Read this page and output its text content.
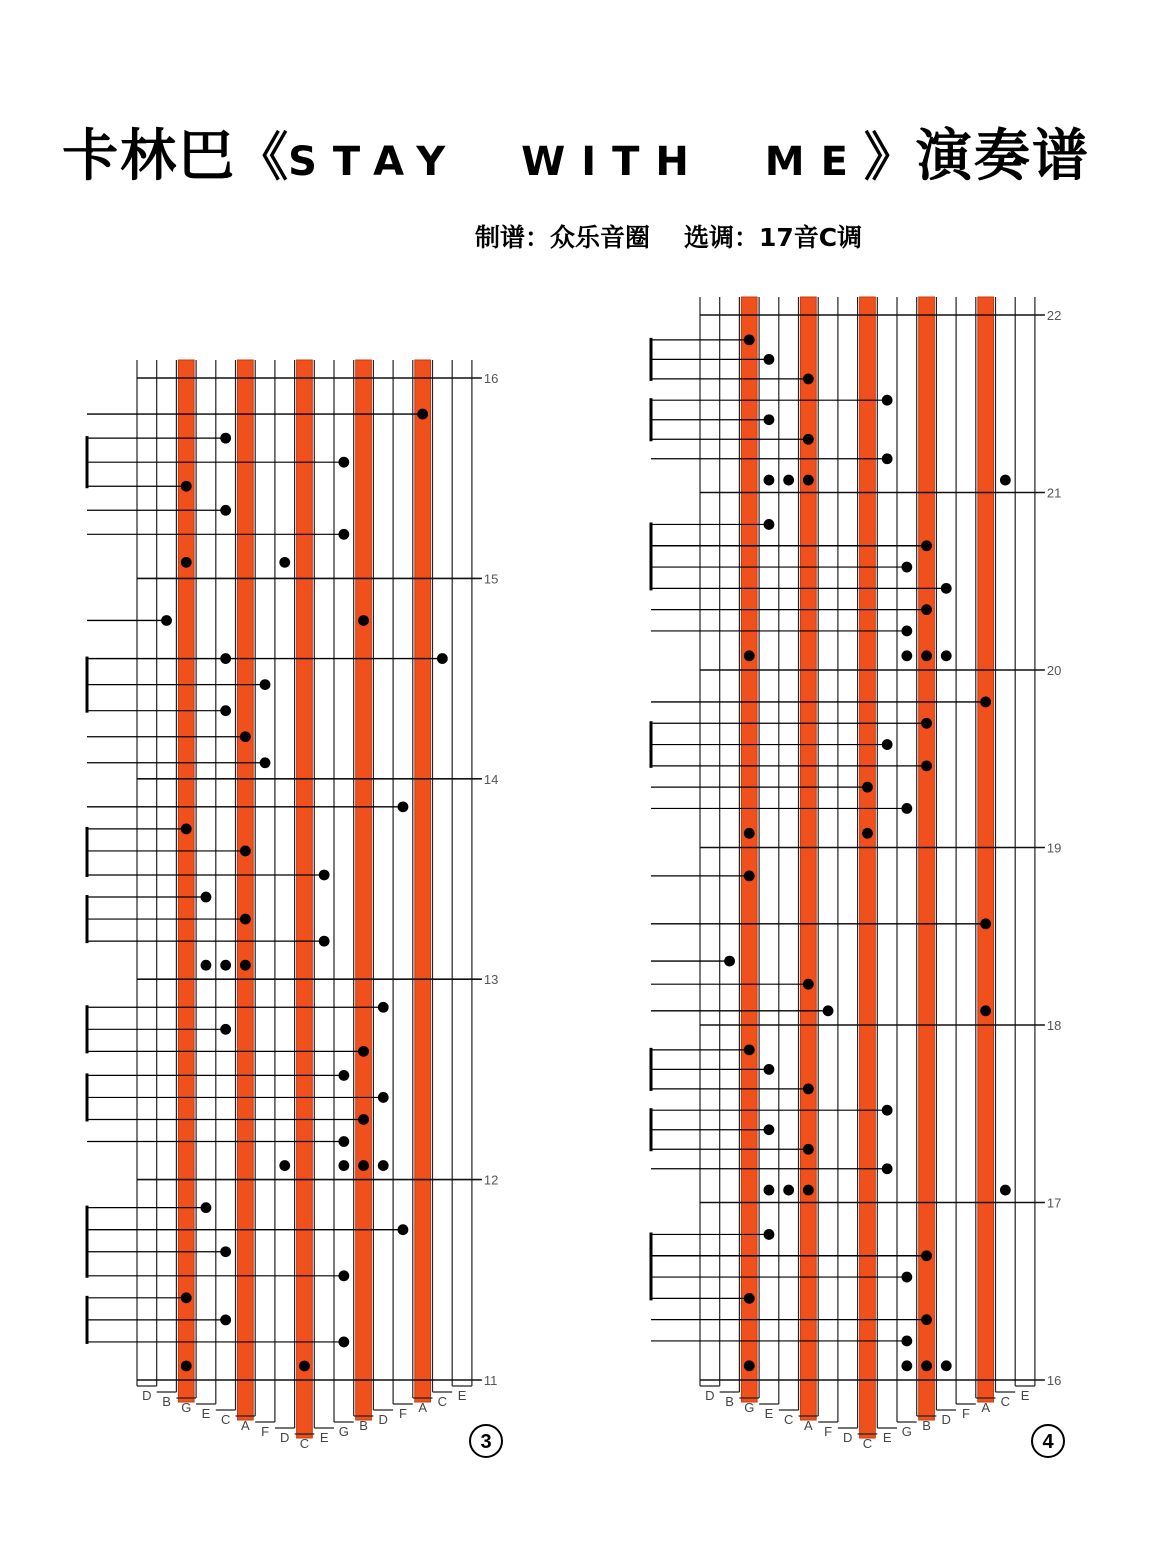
卡林巴《STAY WITH ME》演奏谱
制谱：众乐音圈 选调：17音C调
D B G E C A F D C E G B D F A C E
16
15
14
13
12
11
3
D B G E C A F D C E G B D F A C E
22
21
20
19
18
17
16
4
